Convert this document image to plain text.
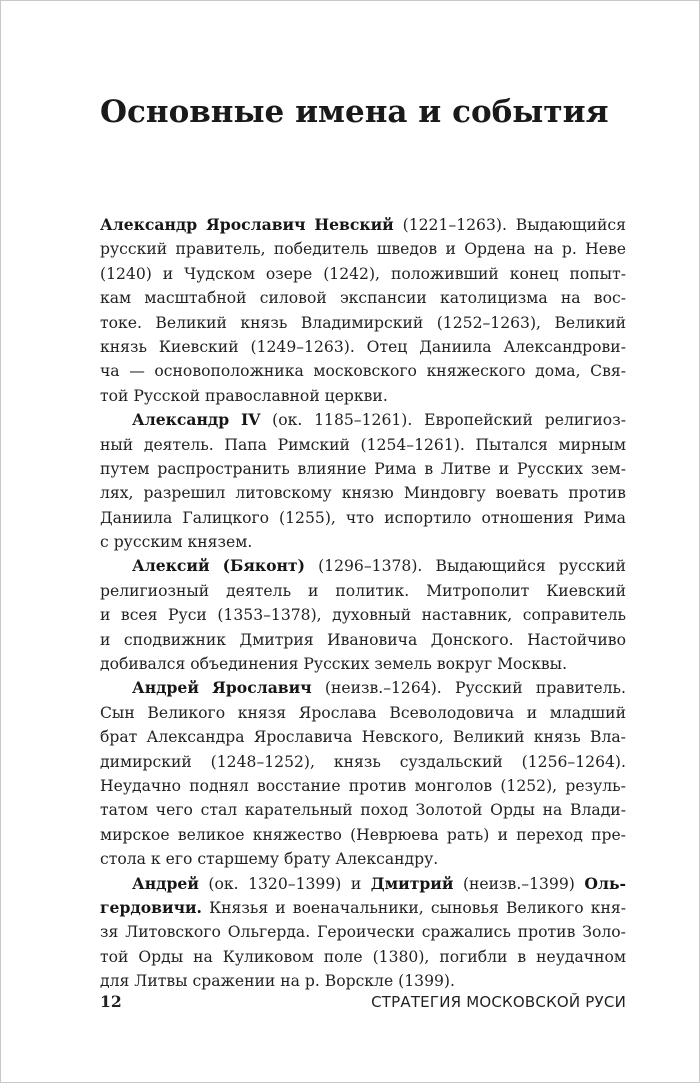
Основные имена и события
Александр Ярославич Невский (1221–1263). Выдающийся
русский правитель, победитель шведов и Ордена на р. Неве
(1240) и Чудском озере (1242), положивший конец попыт-
кам масштабной силовой экспансии католицизма на вос-
токе. Великий князь Владимирский (1252–1263), Великий
князь Киевский (1249–1263). Отец Даниила Александрови-
ча — основоположника московского княжеского дома, Свя-
той Русской православной церкви.
Александр IV (ок. 1185–1261). Европейский религиоз-
ный деятель. Папа Римский (1254–1261). Пытался мирным
путем распространить влияние Рима в Литве и Русских зем-
лях, разрешил литовскому князю Миндовгу воевать против
Даниила Галицкого (1255), что испортило отношения Рима
с русским князем.
Алексий (Бяконт) (1296–1378). Выдающийся русский
религиозный деятель и политик. Митрополит Киевский
и всея Руси (1353–1378), духовный наставник, соправитель
и сподвижник Дмитрия Ивановича Донского. Настойчиво
добивался объединения Русских земель вокруг Москвы.
Андрей Ярославич (неизв.–1264). Русский правитель.
Сын Великого князя Ярослава Всеволодовича и младший
брат Александра Ярославича Невского, Великий князь Вла-
димирский (1248–1252), князь суздальский (1256–1264).
Неудачно поднял восстание против монголов (1252), резуль-
татом чего стал карательный поход Золотой Орды на Влади-
мирское великое княжество (Неврюева рать) и переход пре-
стола к его старшему брату Александру.
Андрей (ок. 1320–1399) и Дмитрий (неизв.–1399) Оль-
гердовичи. Князья и военачальники, сыновья Великого кня-
зя Литовского Ольгерда. Героически сражались против Золо-
той Орды на Куликовом поле (1380), погибли в неудачном
для Литвы сражении на р. Ворскле (1399).
12	СТРАТЕГИЯ МОСКОВСКОЙ РУСИ
